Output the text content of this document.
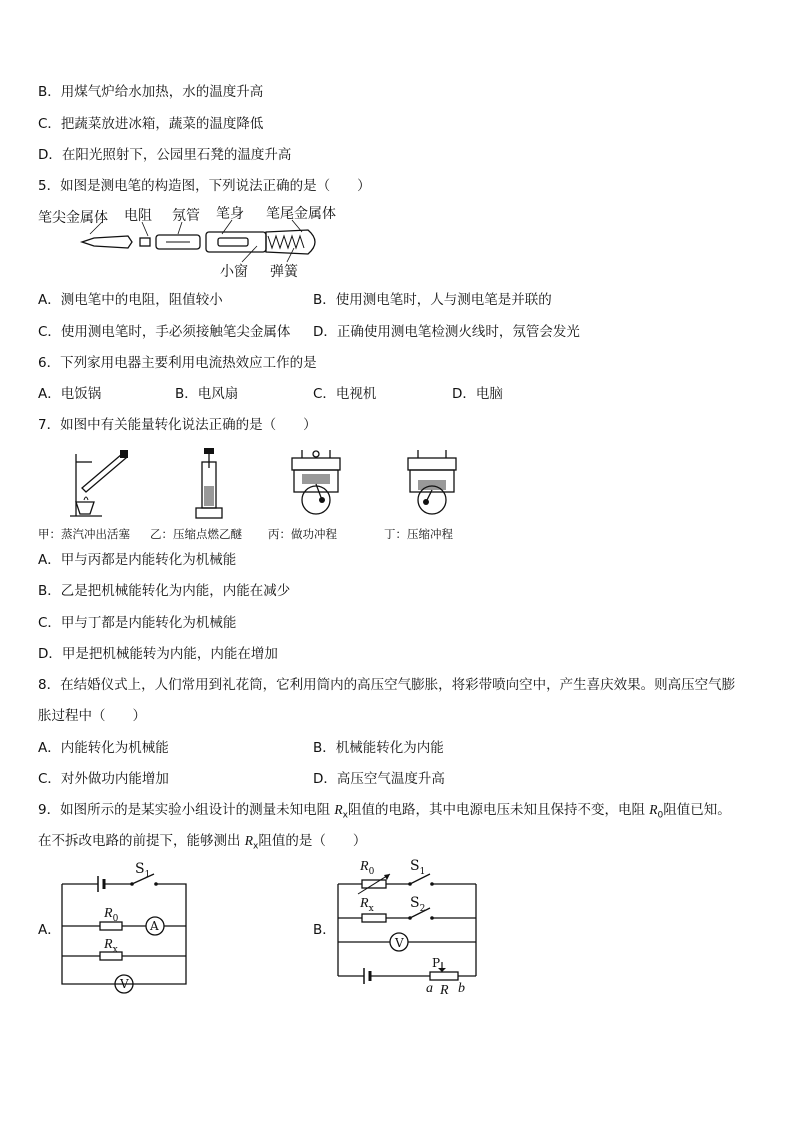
B．用煤气炉给水加热，水的温度升高
C．把蔬菜放进冰箱，蔬菜的温度降低
D．在阳光照射下，公园里石凳的温度升高
5．如图是测电笔的构造图，下列说法正确的是（　　）
笔尖金属体 电阻 氖管 笔身 笔尾金属体
小窗 弹簧
A．测电笔中的电阻，阻值较小	B．使用测电笔时，人与测电笔是并联的
C．使用测电笔时，手必须接触笔尖金属体 D．正确使用测电笔检测火线时，氖管会发光
6．下列家用电器主要利用电流热效应工作的是
A．电饭锅	B．电风扇	C．电视机	D．电脑
7．如图中有关能量转化说法正确的是（　　）
甲：蒸汽冲出活塞 乙：压缩点燃乙醚 丙：做功冲程	丁：压缩冲程
A．甲与丙都是内能转化为机械能
B．乙是把机械能转化为内能，内能在减少
C．甲与丁都是内能转化为机械能
D．甲是把机械能转为内能，内能在增加
8．在结婚仪式上，人们常用到礼花筒，它利用筒内的高压空气膨胀，将彩带喷向空中，产生喜庆效果。则高压空气膨
胀过程中（　　）
A．内能转化为机械能	B．机械能转化为内能
C．对外做功内能增加	D．高压空气温度升高
9．如图所示的是某实验小组设计的测量未知电阻 $R_x$阻值的电路，其中电源电压未知且保持不变，电阻 $R_0$阻值已知。
在不拆改电路的前提下，能够测出 $R_x$阻值的是（　　）
A．
$S_1$
$R_0$
A
$R_x$
V
B．
$R_0$	$S_1$
$R_x$	$S_2$
V
P
a R b
